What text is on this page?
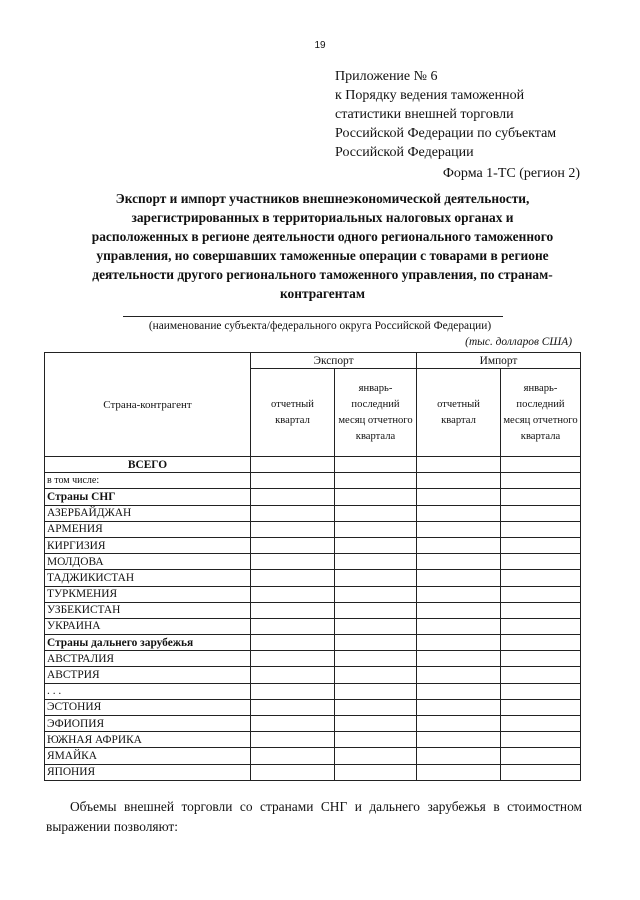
19
Приложение № 6
к Порядку ведения таможенной
статистики внешней торговли
Российской Федерации по субъектам
Российской Федерации
Форма 1-ТС (регион 2)
Экспорт и импорт участников внешнеэкономической деятельности,
зарегистрированных в территориальных налоговых органах и
расположенных в регионе деятельности одного регионального таможенного
управления, но совершавших таможенные операции с товарами в регионе
деятельности другого регионального таможенного управления, по странам-
контрагентам
(наименование субъекта/федерального округа Российской Федерации)
(тыс. долларов США)
Страна-контрагент	Экспорт		Импорт	
	отчетный квартал	январь-последний месяц отчетного квартала	отчетный квартал	январь-последний месяц отчетного квартала
ВСЕГО				
в том числе:				
Страны СНГ				
АЗЕРБАЙДЖАН				
АРМЕНИЯ				
КИРГИЗИЯ				
МОЛДОВА				
ТАДЖИКИСТАН				
ТУРКМЕНИЯ				
УЗБЕКИСТАН				
УКРАИНА				
Страны дальнего зарубежья				
АВСТРАЛИЯ				
АВСТРИЯ				
. . .				
ЭСТОНИЯ				
ЭФИОПИЯ				
ЮЖНАЯ АФРИКА				
ЯМАЙКА				
ЯПОНИЯ				
Объемы внешней торговли со странами СНГ и дальнего зарубежья в стоимостном выражении позволяют:
